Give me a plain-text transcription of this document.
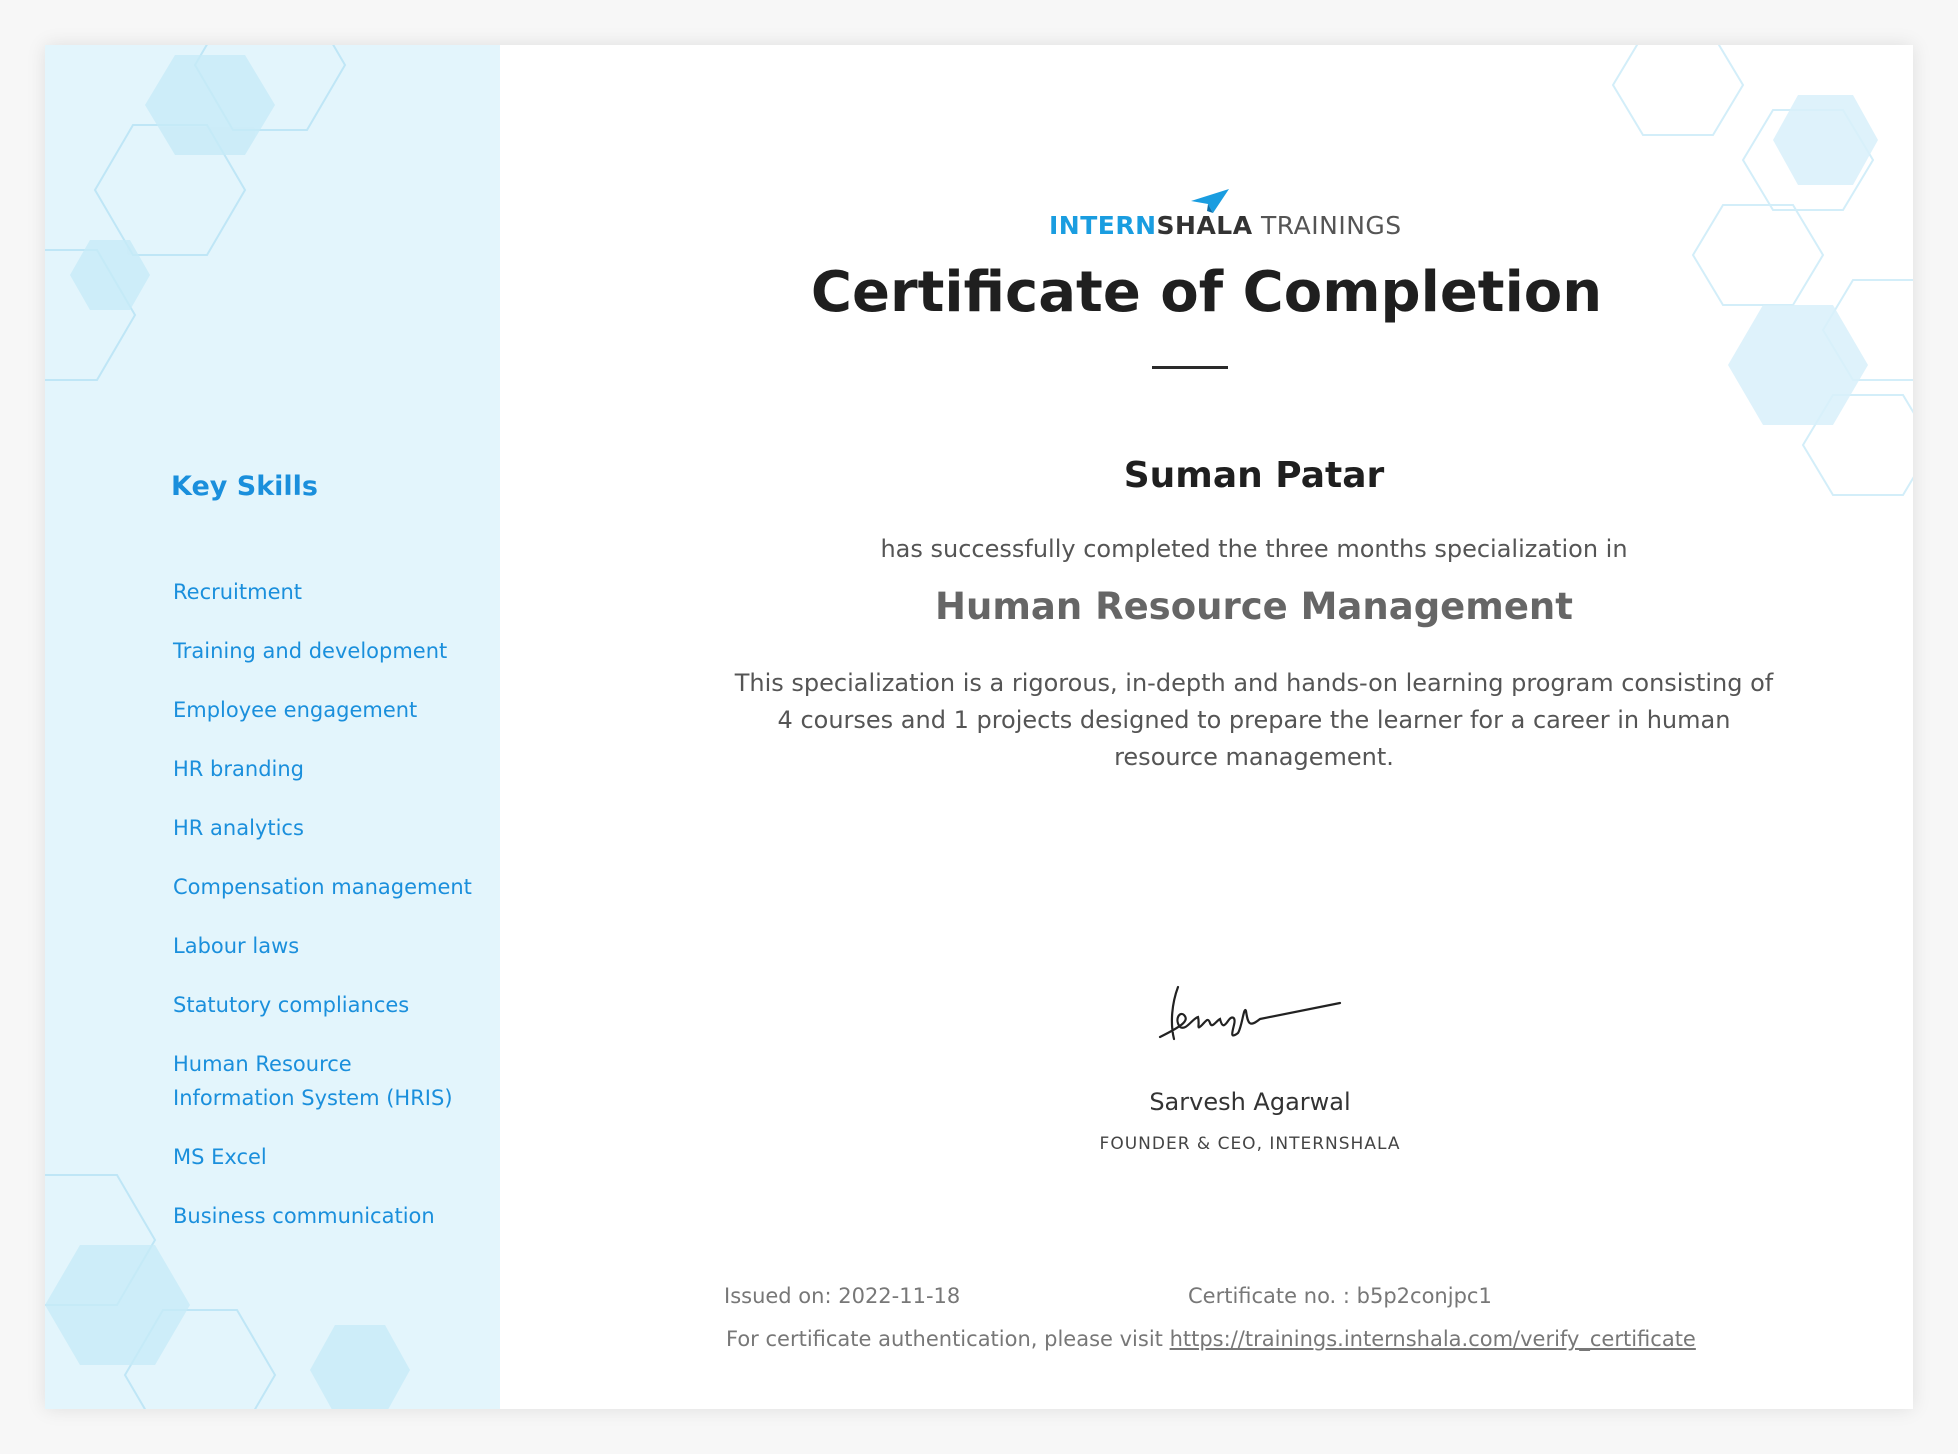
Key Skills
Recruitment
Training and development
Employee engagement
HR branding
HR analytics
Compensation management
Labour laws
Statutory compliances
Human Resource Information System (HRIS)
MS Excel
Business communication
INTERNSHALA TRAININGS
Certificate of Completion
Suman Patar
has successfully completed the three months specialization in
Human Resource Management
This specialization is a rigorous, in-depth and hands-on learning program consisting of 4 courses and 1 projects designed to prepare the learner for a career in human resource management.
Sarvesh Agarwal
FOUNDER & CEO, INTERNSHALA
Issued on: 2022-11-18	Certificate no. : b5p2conjpc1
For certificate authentication, please visit https://trainings.internshala.com/verify_certificate
